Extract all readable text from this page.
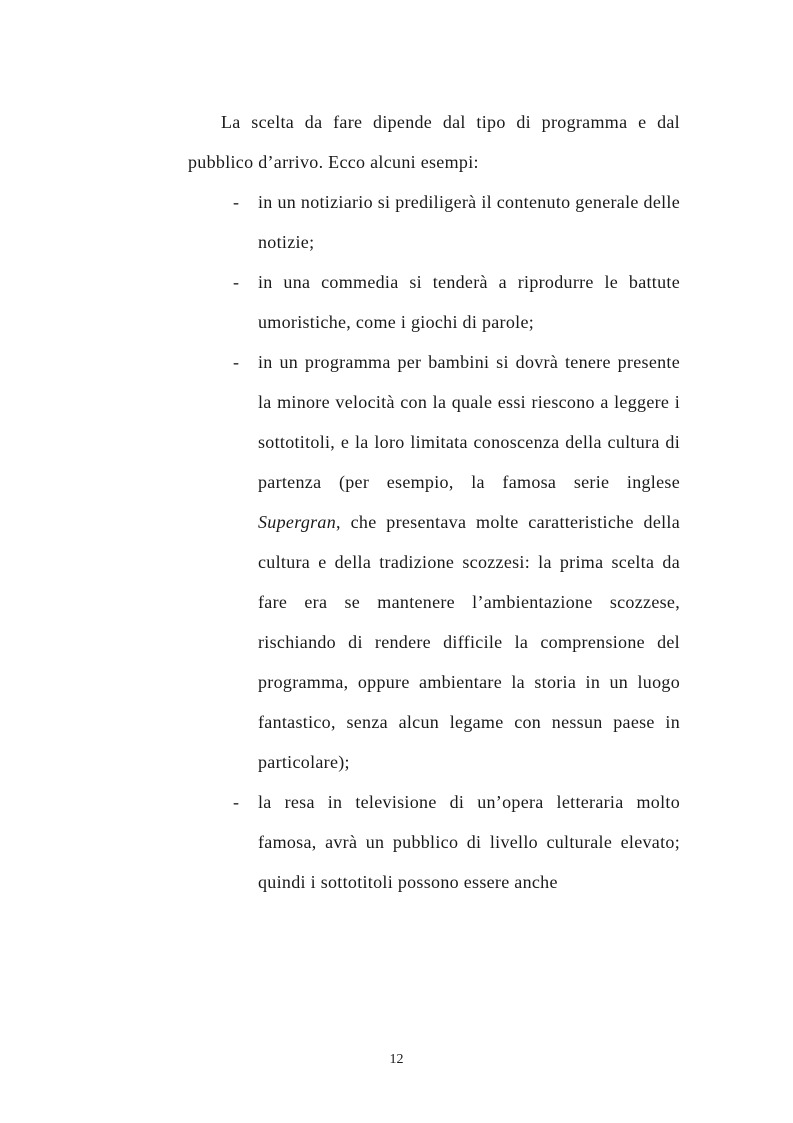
La scelta da fare dipende dal tipo di programma e dal pubblico d’arrivo. Ecco alcuni esempi:

- in un notiziario si prediligerà il contenuto generale delle notizie;
- in una commedia si tenderà a riprodurre le battute umoristiche, come i giochi di parole;
- in un programma per bambini si dovrà tenere presente la minore velocità con la quale essi riescono a leggere i sottotitoli, e la loro limitata conoscenza della cultura di partenza (per esempio, la famosa serie inglese Supergran, che presentava molte caratteristiche della cultura e della tradizione scozzesi: la prima scelta da fare era se mantenere l’ambientazione scozzese, rischiando di rendere difficile la comprensione del programma, oppure ambientare la storia in un luogo fantastico, senza alcun legame con nessun paese in particolare);
- la resa in televisione di un’opera letteraria molto famosa, avrà un pubblico di livello culturale elevato; quindi i sottotitoli possono essere anche
12
